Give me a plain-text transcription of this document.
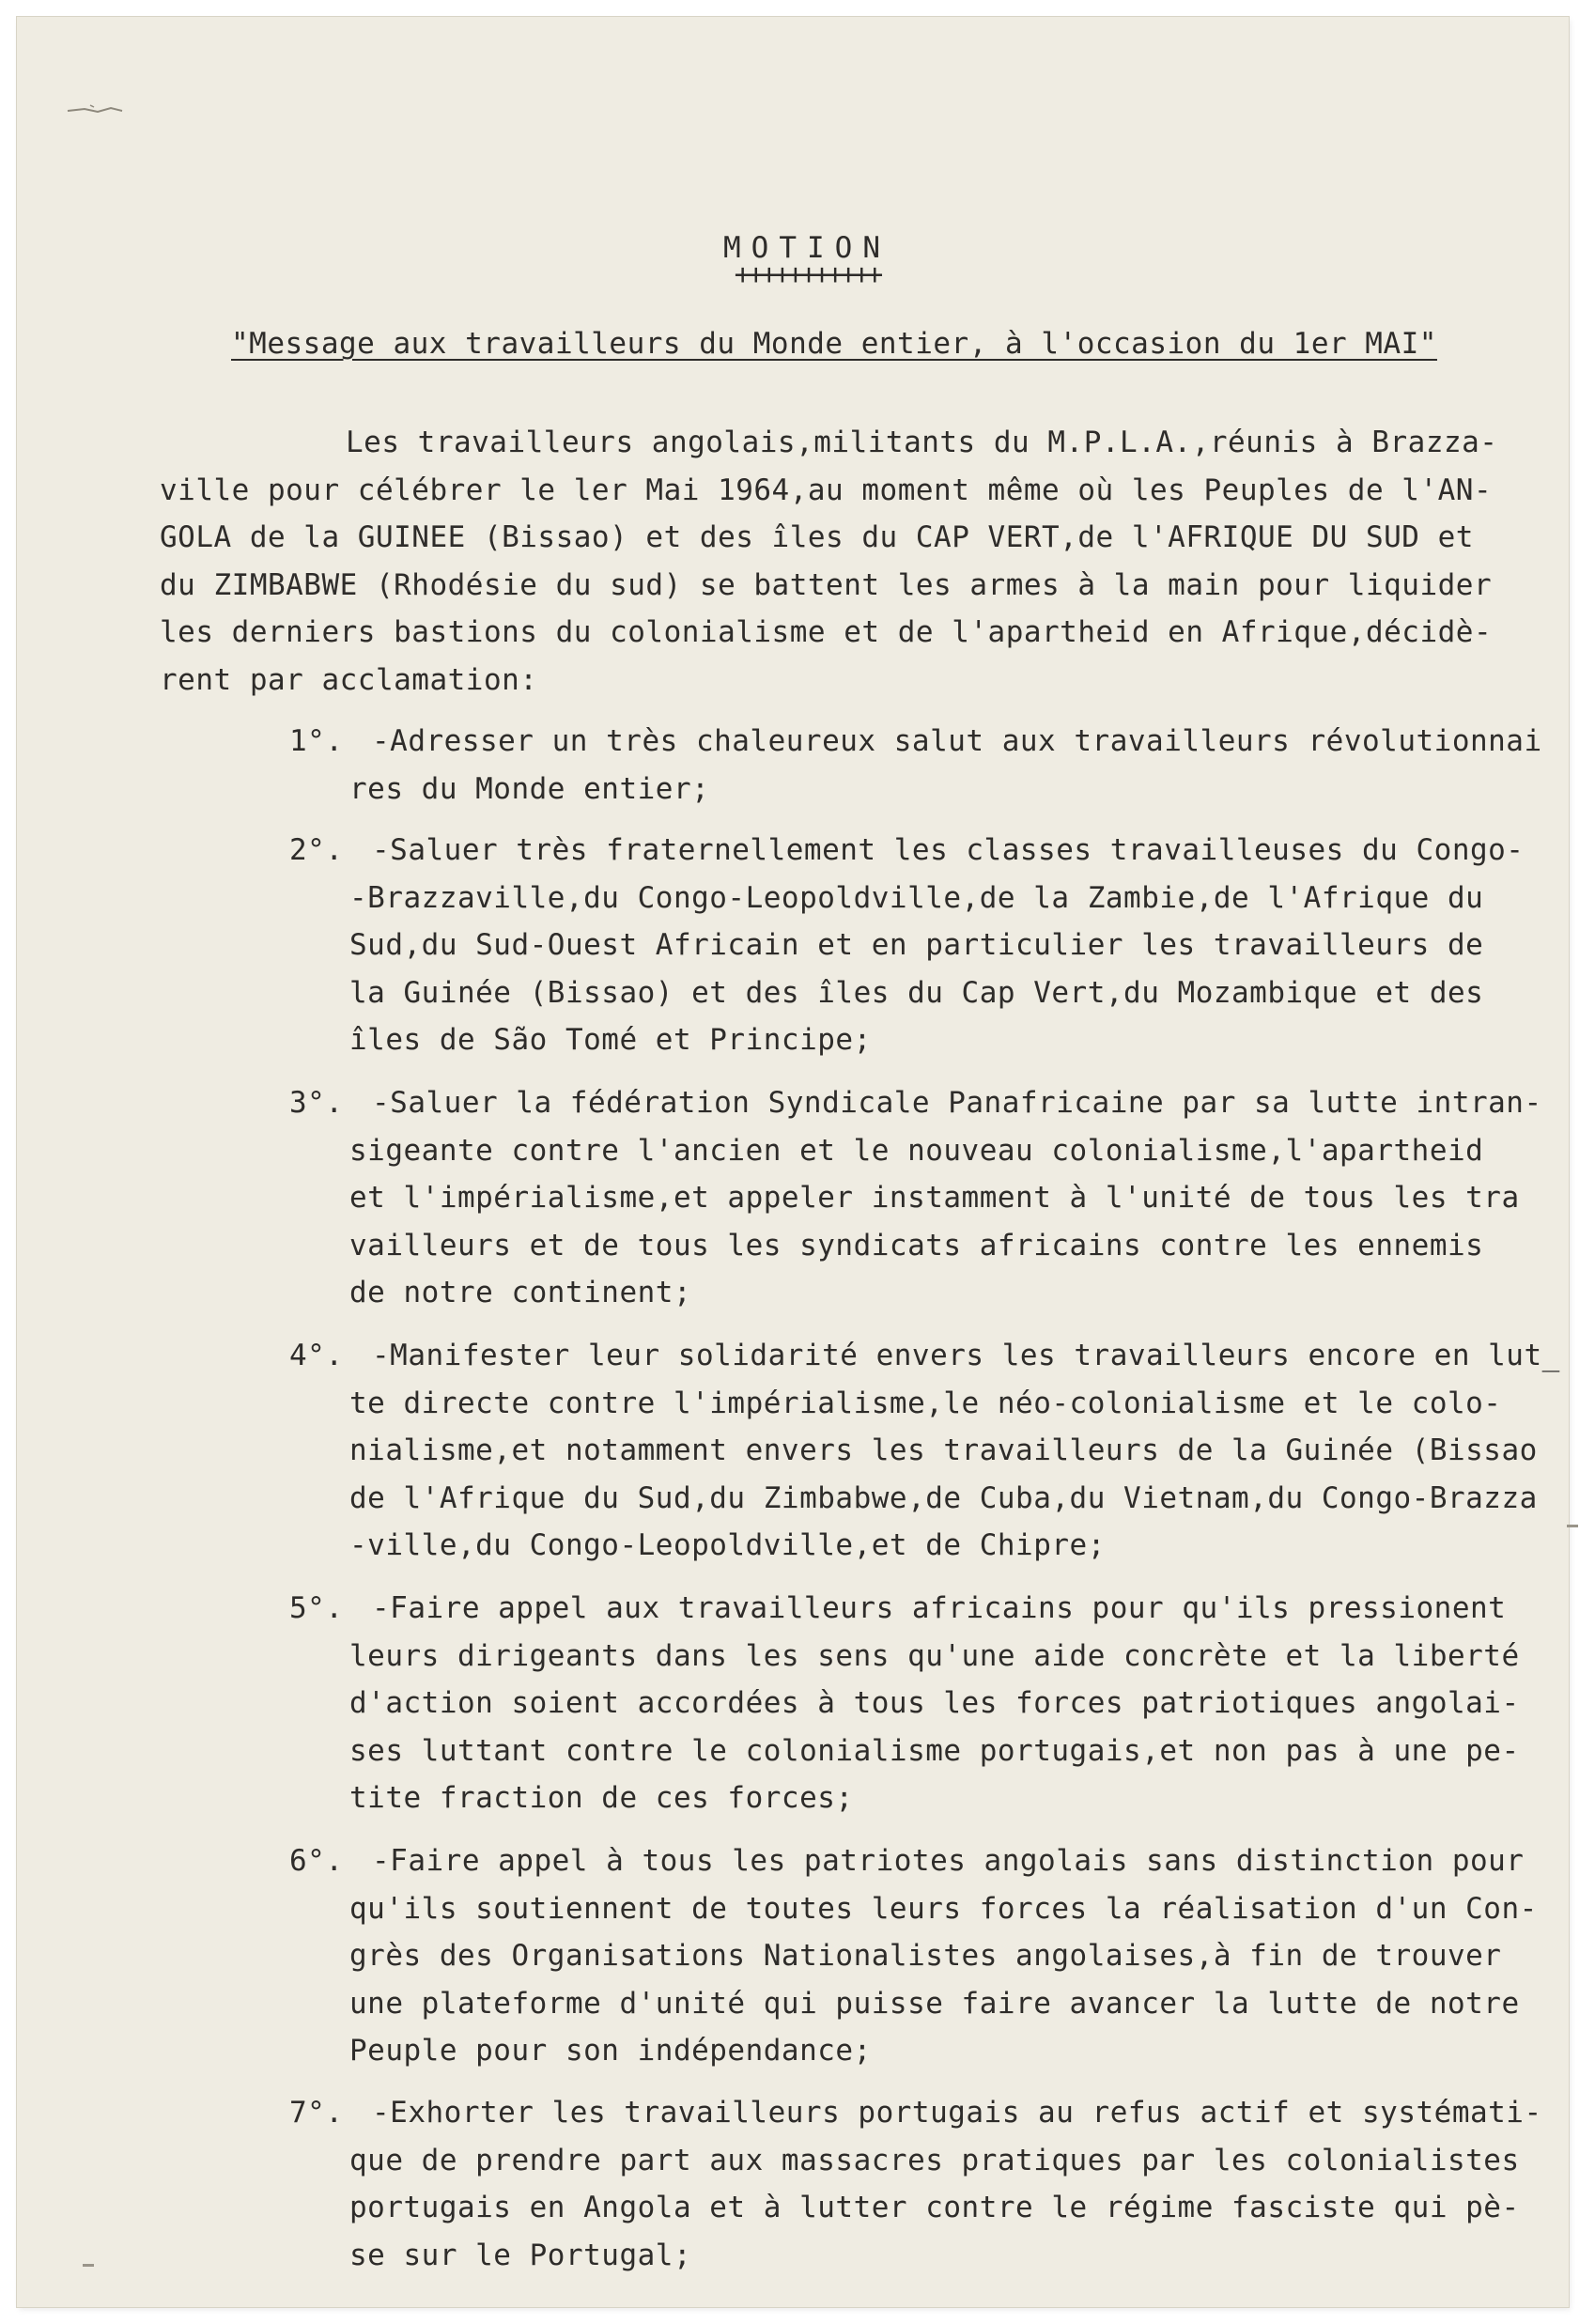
MOTION
+++++++++++
"Message aux travailleurs du Monde entier, à l'occasion du 1er MAI"
Les travailleurs angolais,militants du M.P.L.A.,réunis à Brazza-
ville pour célébrer le ler Mai 1964,au moment même où les Peuples de l'AN-
GOLA de la GUINEE (Bissao) et des îles du CAP VERT,de l'AFRIQUE DU SUD et
du ZIMBABWE (Rhodésie du sud) se battent les armes à la main pour liquider
les derniers bastions du colonialisme et de l'apartheid en Afrique,décidè-
rent par acclamation:
1°. -Adresser un très chaleureux salut aux travailleurs révolutionnai
res du Monde entier;
2°. -Saluer très fraternellement les classes travailleuses du Congo-
-Brazzaville,du Congo-Leopoldville,de la Zambie,de l'Afrique du
Sud,du Sud-Ouest Africain et en particulier les travailleurs de
la Guinée (Bissao) et des îles du Cap Vert,du Mozambique et des
îles de São Tomé et Principe;
3°. -Saluer la fédération Syndicale Panafricaine par sa lutte intran-
sigeante contre l'ancien et le nouveau colonialisme,l'apartheid
et l'impérialisme,et appeler instamment à l'unité de tous les tra
vailleurs et de tous les syndicats africains contre les ennemis
de notre continent;
4°. -Manifester leur solidarité envers les travailleurs encore en lut_
te directe contre l'impérialisme,le néo-colonialisme et le colo-
nialisme,et notamment envers les travailleurs de la Guinée (Bissao
de l'Afrique du Sud,du Zimbabwe,de Cuba,du Vietnam,du Congo-Brazza
-ville,du Congo-Leopoldville,et de Chipre;
5°. -Faire appel aux travailleurs africains pour qu'ils pressionent
leurs dirigeants dans les sens qu'une aide concrète et la liberté
d'action soient accordées à tous les forces patriotiques angolai-
ses luttant contre le colonialisme portugais,et non pas à une pe-
tite fraction de ces forces;
6°. -Faire appel à tous les patriotes angolais sans distinction pour
qu'ils soutiennent de toutes leurs forces la réalisation d'un Con-
grès des Organisations Nationalistes angolaises,à fin de trouver
une plateforme d'unité qui puisse faire avancer la lutte de notre
Peuple pour son indépendance;
7°. -Exhorter les travailleurs portugais au refus actif et systémati-
que de prendre part aux massacres pratiques par les colonialistes
portugais en Angola et à lutter contre le régime fasciste qui pè-
se sur le Portugal;
